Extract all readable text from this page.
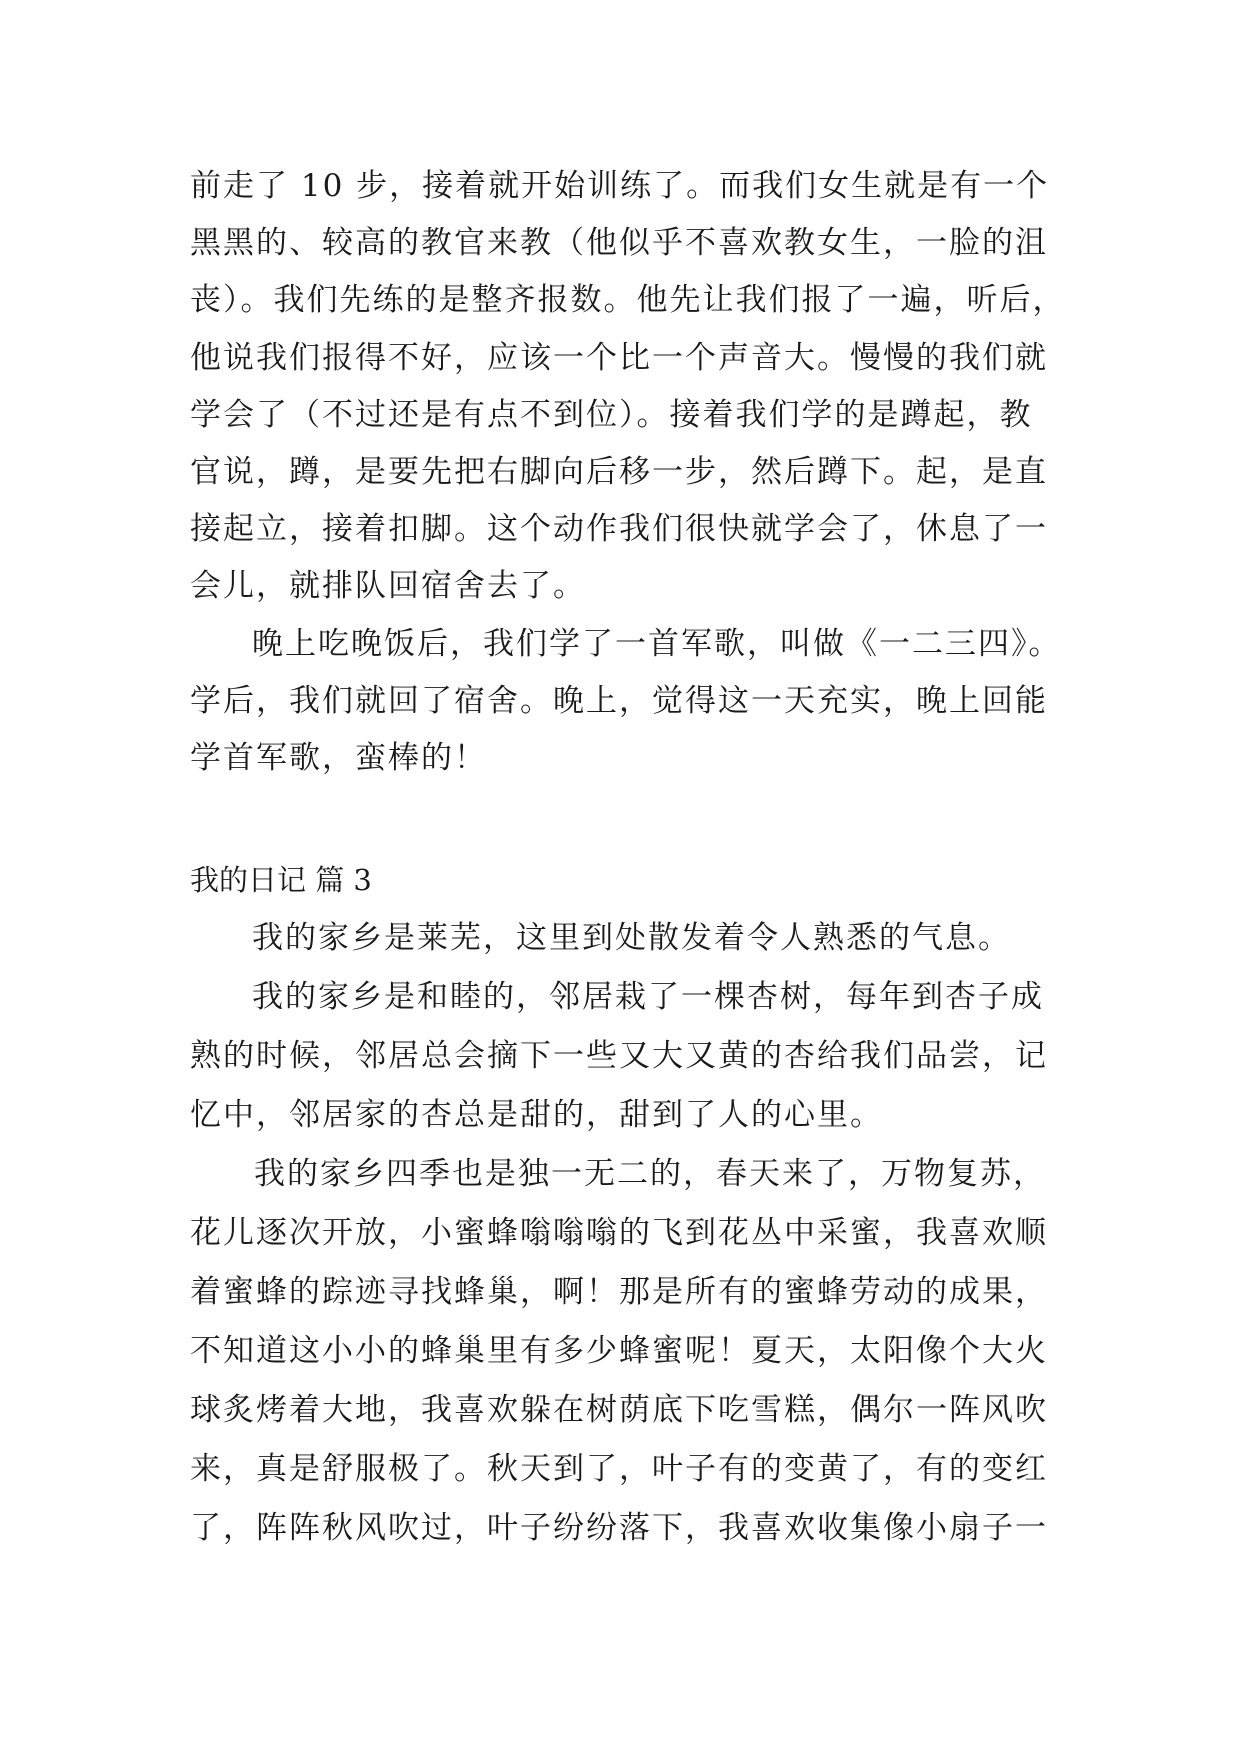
前走了 10 步，接着就开始训练了。而我们女生就是有一个
黑黑的、较高的教官来教（他似乎不喜欢教女生，一脸的沮
丧）。我们先练的是整齐报数。他先让我们报了一遍，听后，
他说我们报得不好，应该一个比一个声音大。慢慢的我们就
学会了（不过还是有点不到位）。接着我们学的是蹲起，教
官说，蹲，是要先把右脚向后移一步，然后蹲下。起，是直
接起立，接着扣脚。这个动作我们很快就学会了，休息了一
会儿，就排队回宿舍去了。
晚上吃晚饭后，我们学了一首军歌，叫做《一二三四》。
学后，我们就回了宿舍。晚上，觉得这一天充实，晚上回能
学首军歌，蛮棒的！
我的日记 篇 3
我的家乡是莱芜，这里到处散发着令人熟悉的气息。
我的家乡是和睦的，邻居栽了一棵杏树，每年到杏子成
熟的时候，邻居总会摘下一些又大又黄的杏给我们品尝，记
忆中，邻居家的杏总是甜的，甜到了人的心里。
我的家乡四季也是独一无二的，春天来了，万物复苏，
花儿逐次开放，小蜜蜂嗡嗡嗡的飞到花丛中采蜜，我喜欢顺
着蜜蜂的踪迹寻找蜂巢，啊！那是所有的蜜蜂劳动的成果，
不知道这小小的蜂巢里有多少蜂蜜呢！夏天，太阳像个大火
球炙烤着大地，我喜欢躲在树荫底下吃雪糕，偶尔一阵风吹
来，真是舒服极了。秋天到了，叶子有的变黄了，有的变红
了，阵阵秋风吹过，叶子纷纷落下，我喜欢收集像小扇子一
